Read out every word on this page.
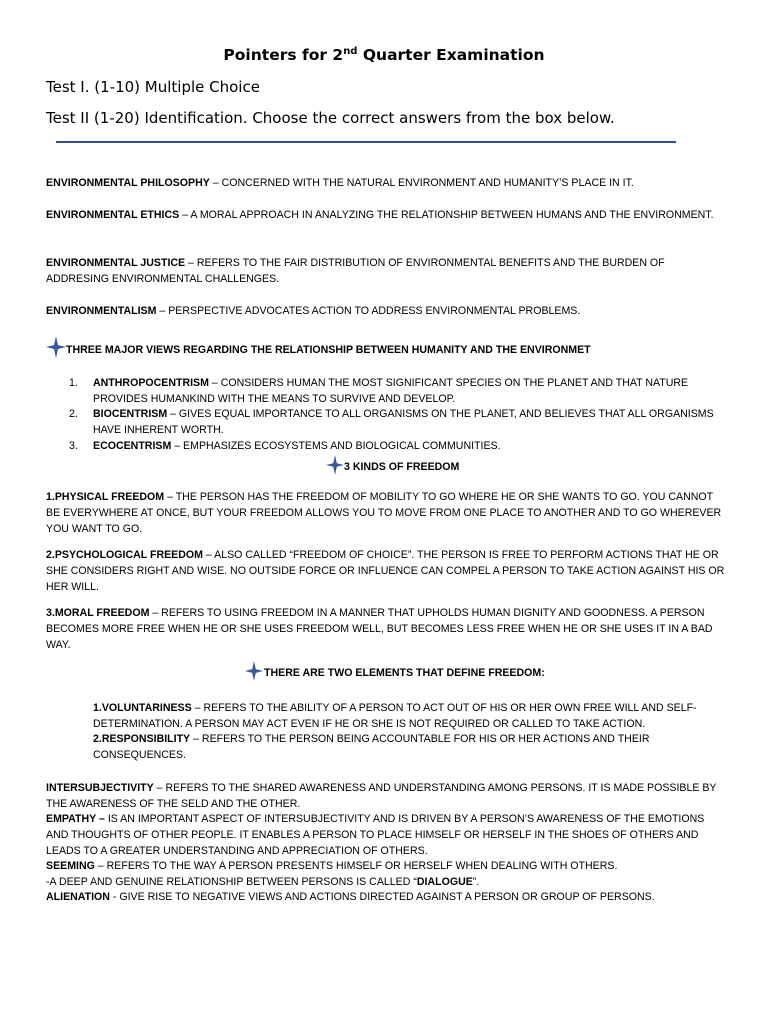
Pointers for 2nd Quarter Examination
Test I. (1-10) Multiple Choice
Test II (1-20) Identification. Choose the correct answers from the box below.
ENVIRONMENTAL PHILOSOPHY – CONCERNED WITH THE NATURAL ENVIRONMENT AND HUMANITY’S PLACE IN IT.
ENVIRONMENTAL ETHICS – A MORAL APPROACH IN ANALYZING THE RELATIONSHIP BETWEEN HUMANS AND THE ENVIRONMENT.
ENVIRONMENTAL JUSTICE – REFERS TO THE FAIR DISTRIBUTION OF ENVIRONMENTAL BENEFITS AND THE BURDEN OF ADDRESING ENVIRONMENTAL CHALLENGES.
ENVIRONMENTALISM – PERSPECTIVE ADVOCATES ACTION TO ADDRESS ENVIRONMENTAL PROBLEMS.
THREE MAJOR VIEWS REGARDING THE RELATIONSHIP BETWEEN HUMANITY AND THE ENVIRONMET
1. ANTHROPOCENTRISM – CONSIDERS HUMAN THE MOST SIGNIFICANT SPECIES ON THE PLANET AND THAT NATURE PROVIDES HUMANKIND WITH THE MEANS TO SURVIVE AND DEVELOP.
2. BIOCENTRISM – GIVES EQUAL IMPORTANCE TO ALL ORGANISMS ON THE PLANET, AND BELIEVES THAT ALL ORGANISMS HAVE INHERENT WORTH.
3. ECOCENTRISM – EMPHASIZES ECOSYSTEMS AND BIOLOGICAL COMMUNITIES.
3 KINDS OF FREEDOM
1.PHYSICAL FREEDOM – THE PERSON HAS THE FREEDOM OF MOBILITY TO GO WHERE HE OR SHE WANTS TO GO. YOU CANNOT BE EVERYWHERE AT ONCE, BUT YOUR FREEDOM ALLOWS YOU TO MOVE FROM ONE PLACE TO ANOTHER AND TO GO WHEREVER YOU WANT TO GO.
2.PSYCHOLOGICAL FREEDOM – ALSO CALLED “FREEDOM OF CHOICE”. THE PERSON IS FREE TO PERFORM ACTIONS THAT HE OR SHE CONSIDERS RIGHT AND WISE. NO OUTSIDE FORCE OR INFLUENCE CAN COMPEL A PERSON TO TAKE ACTION AGAINST HIS OR HER WILL.
3.MORAL FREEDOM – REFERS TO USING FREEDOM IN A MANNER THAT UPHOLDS HUMAN DIGNITY AND GOODNESS. A PERSON BECOMES MORE FREE WHEN HE OR SHE USES FREEDOM WELL, BUT BECOMES LESS FREE WHEN HE OR SHE USES IT IN A BAD WAY.
THERE ARE TWO ELEMENTS THAT DEFINE FREEDOM:
1.VOLUNTARINESS – REFERS TO THE ABILITY OF A PERSON TO ACT OUT OF HIS OR HER OWN FREE WILL AND SELF-DETERMINATION. A PERSON MAY ACT EVEN IF HE OR SHE IS NOT REQUIRED OR CALLED TO TAKE ACTION.
2.RESPONSIBILITY – REFERS TO THE PERSON BEING ACCOUNTABLE FOR HIS OR HER ACTIONS AND THEIR CONSEQUENCES.
INTERSUBJECTIVITY – REFERS TO THE SHARED AWARENESS AND UNDERSTANDING AMONG PERSONS. IT IS MADE POSSIBLE BY THE AWARENESS OF THE SELD AND THE OTHER.
EMPATHY – IS AN IMPORTANT ASPECT OF INTERSUBJECTIVITY AND IS DRIVEN BY A PERSON’S AWARENESS OF THE EMOTIONS AND THOUGHTS OF OTHER PEOPLE. IT ENABLES A PERSON TO PLACE HIMSELF OR HERSELF IN THE SHOES OF OTHERS AND LEADS TO A GREATER UNDERSTANDING AND APPRECIATION OF OTHERS.
SEEMING – REFERS TO THE WAY A PERSON PRESENTS HIMSELF OR HERSELF WHEN DEALING WITH OTHERS.
-A DEEP AND GENUINE RELATIONSHIP BETWEEN PERSONS IS CALLED “DIALOGUE”.
ALIENATION - GIVE RISE TO NEGATIVE VIEWS AND ACTIONS DIRECTED AGAINST A PERSON OR GROUP OF PERSONS.
